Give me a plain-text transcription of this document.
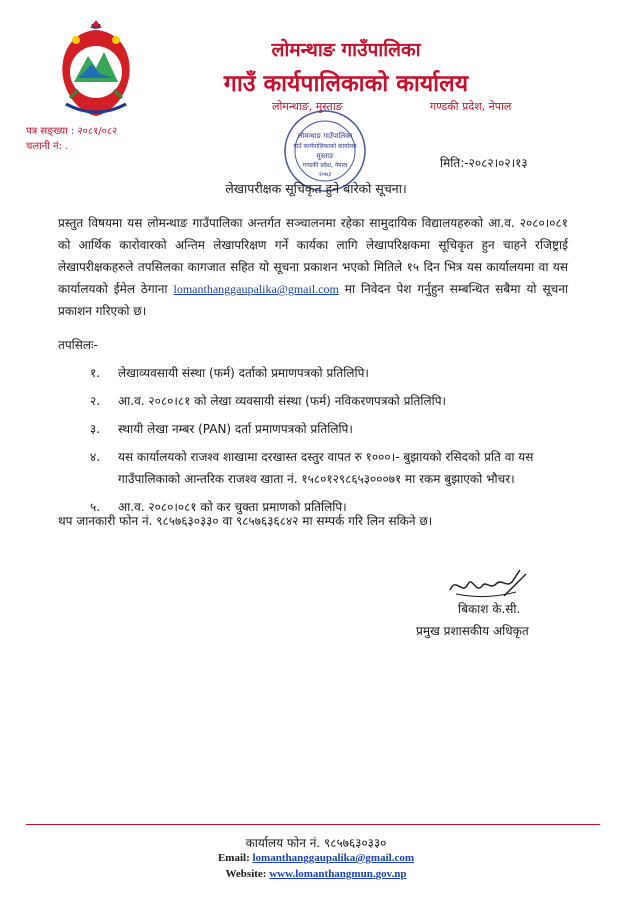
लोमन्थाङ गाउँपालिका
गाउँ कार्यपालिकाको कार्यालय
लोमन्थाङ, मुस्ताङ	गण्डकी प्रदेश, नेपाल
पत्र सङ्ख्या : २०८१/०८२
चलानी नं: .
लोमन्थाङ गाउँपालिका
गाउँ कार्यपालिकाको कार्यालय
मुस्ताङ
गण्डकी प्रदेश, नेपाल
२०७३
मिति:-२०८२।०२।१३
लेखापरीक्षक सूचिकृत हुने बारेको सूचना।
प्रस्तुत विषयमा यस लोमन्थाङ गाउँपालिका अन्तर्गत सञ्चालनमा रहेका सामुदायिक विद्यालयहरुको आ.व. २०८०।०८१ को आर्थिक कारोवारको अन्तिम लेखापरिक्षण गर्ने कार्यका लागि लेखापरिक्षकमा सूचिकृत हुन चाहने रजिष्ट्राई लेखापरीक्षकहरुले तपसिलका कागजात सहित यो सूचना प्रकाशन भएको मितिले १५ दिन भित्र यस कार्यालयमा वा यस कार्यालयको ईमेल ठेगाना lomanthanggaupalika@gmail.com मा निवेदन पेश गर्नुहुन सम्बन्धित सबैमा यो सूचना प्रकाशन गरिएको छ।
तपसिलः-
१. लेखाव्यवसायी संस्था (फर्म) दर्ताको प्रमाणपत्रको प्रतिलिपि।
२. आ.व. २०८०।८१ को लेखा व्यवसायी संस्था (फर्म) नविकरणपत्रको प्रतिलिपि।
३. स्थायी लेखा नम्बर (PAN) दर्ता प्रमाणपत्रको प्रतिलिपि।
४. यस कार्यालयको राजश्व शाखामा दरखास्त दस्तुर वापत रु १०००।- बुझायको रसिदको प्रति वा यस गाउँपालिकाको आन्तरिक राजश्व खाता नं. १५८०१२९८६५३०००७१ मा रकम बुझाएको भौचर।
५. आ.व. २०८०।०८१ को कर चुक्ता प्रमाणको प्रतिलिपि।
थप जानकारी फोन नं. ९८५७६३०३३० वा ९८५७६३६८४२ मा सम्पर्क गरि लिन सकिने छ।
बिकाश के.सी.
प्रमुख प्रशासकीय अधिकृत
कार्यालय फोन नं. ९८५७६३०३३०
Email: lomanthanggaupalika@gmail.com
Website: www.lomanthangmun.gov.np
